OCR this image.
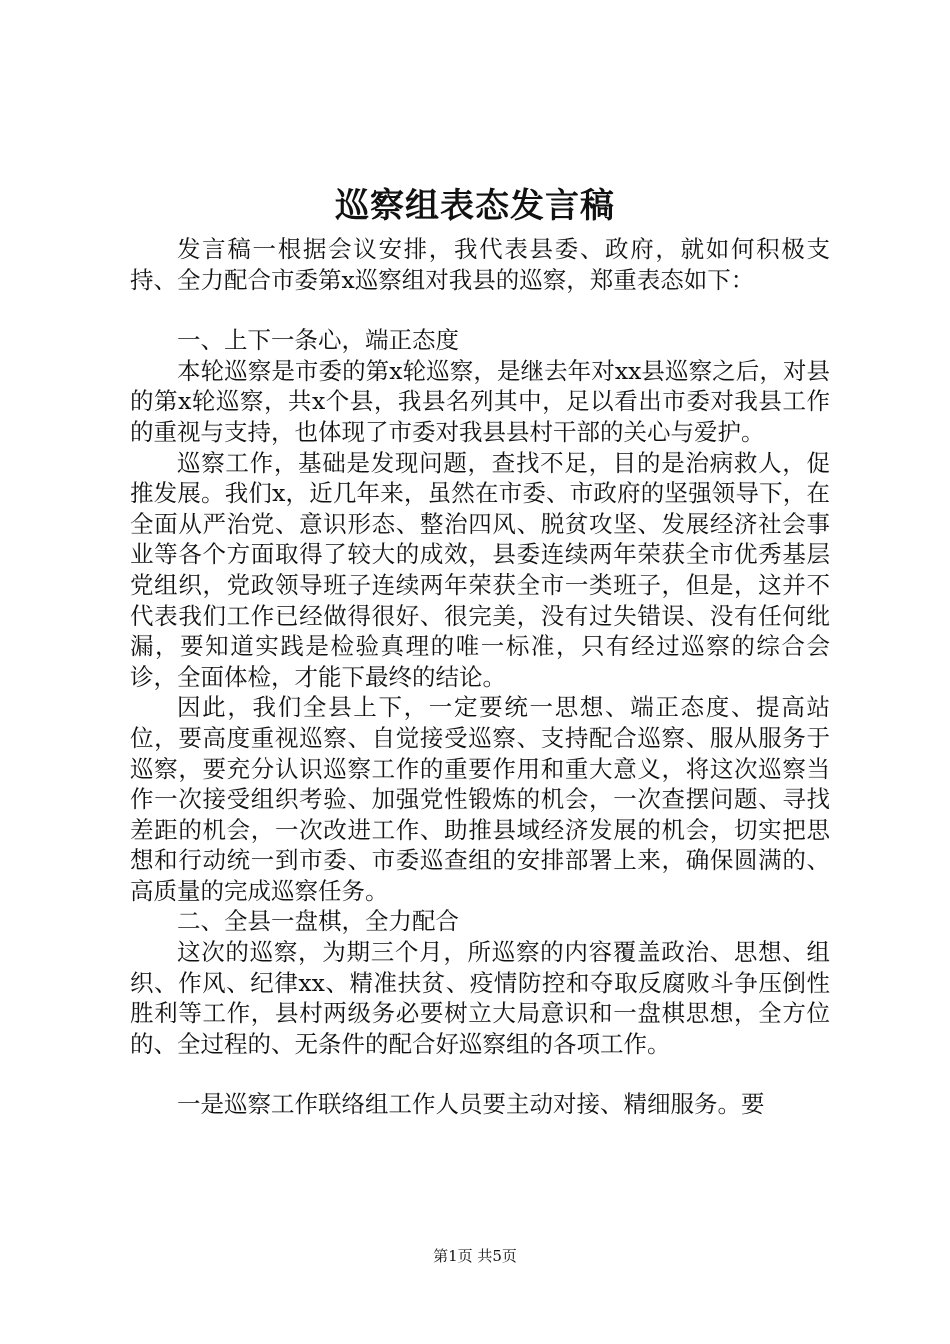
巡察组表态发言稿

发言稿一根据会议安排，我代表县委、政府，就如何积极支持、全力配合市委第x巡察组对我县的巡察，郑重表态如下：

一、上下一条心，端正态度

本轮巡察是市委的第x轮巡察，是继去年对xx县巡察之后，对县的第x轮巡察，共x个县，我县名列其中，足以看出市委对我县工作的重视与支持，也体现了市委对我县县村干部的关心与爱护。

巡察工作，基础是发现问题，查找不足，目的是治病救人，促推发展。我们x，近几年来，虽然在市委、市政府的坚强领导下，在全面从严治党、意识形态、整治四风、脱贫攻坚、发展经济社会事业等各个方面取得了较大的成效，县委连续两年荣获全市优秀基层党组织，党政领导班子连续两年荣获全市一类班子，但是，这并不代表我们工作已经做得很好、很完美，没有过失错误、没有任何纰漏，要知道实践是检验真理的唯一标准，只有经过巡察的综合会诊，全面体检，才能下最终的结论。

因此，我们全县上下，一定要统一思想、端正态度、提高站位，要高度重视巡察、自觉接受巡察、支持配合巡察、服从服务于巡察，要充分认识巡察工作的重要作用和重大意义，将这次巡察当作一次接受组织考验、加强党性锻炼的机会，一次查摆问题、寻找差距的机会，一次改进工作、助推县域经济发展的机会，切实把思想和行动统一到市委、市委巡查组的安排部署上来，确保圆满的、高质量的完成巡察任务。

二、全县一盘棋，全力配合

这次的巡察，为期三个月，所巡察的内容覆盖政治、思想、组织、作风、纪律xx、精准扶贫、疫情防控和夺取反腐败斗争压倒性胜利等工作，县村两级务必要树立大局意识和一盘棋思想，全方位的、全过程的、无条件的配合好巡察组的各项工作。

一是巡察工作联络组工作人员要主动对接、精细服务。要

第1页 共5页
